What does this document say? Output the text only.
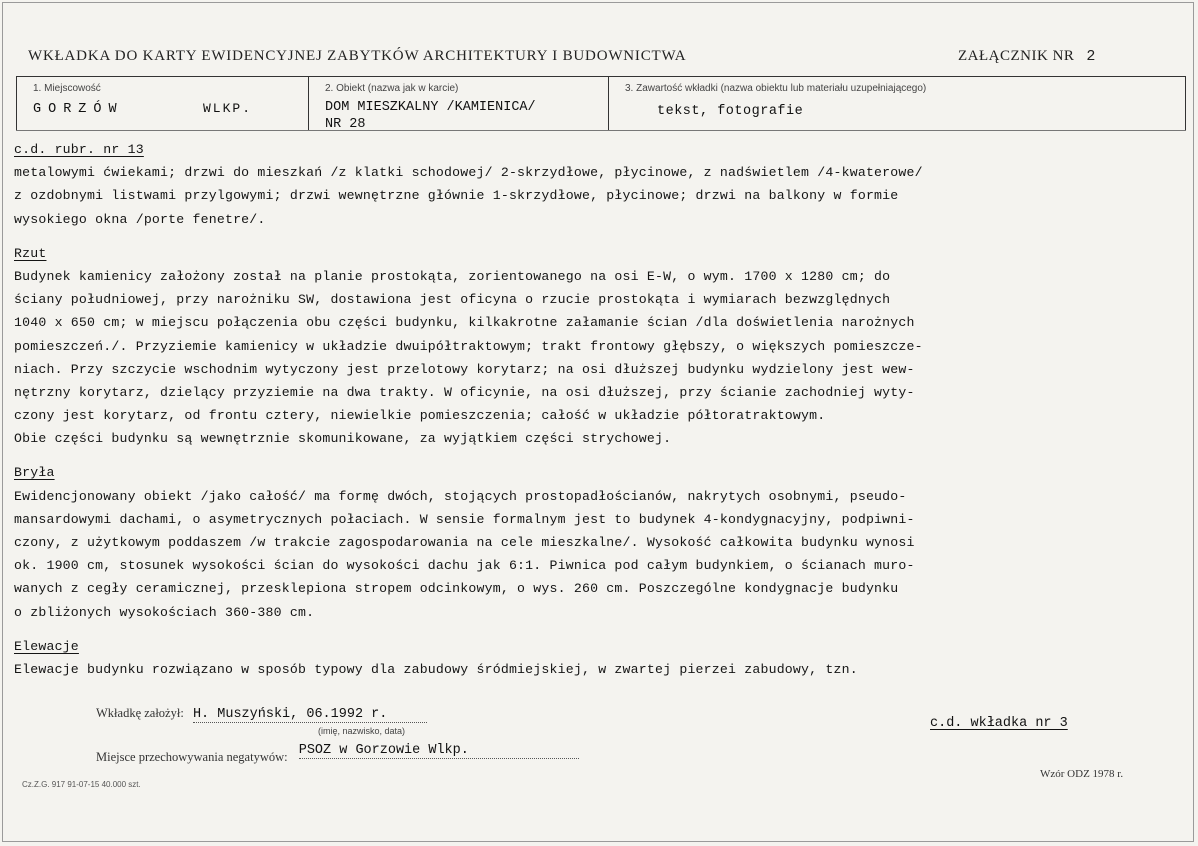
WKŁADKA DO KARTY EWIDENCYJNEJ ZABYTKÓW ARCHITEKTURY I BUDOWNICTWA	ZAŁĄCZNIK NR 2
1. Miejscowość
GORZÓW	WLKP.
2. Obiekt (nazwa jak w karcie)
DOM MIESZKALNY /KAMIENICA/
NR 28
3. Zawartość wkładki (nazwa obiektu lub materiału uzupełniającego)
tekst, fotografie
c.d. rubr. nr 13
metalowymi ćwiekami; drzwi do mieszkań /z klatki schodowej/ 2-skrzydłowe, płycinowe, z nadświetlem /4-kwaterowe/
z ozdobnymi listwami przylgowymi; drzwi wewnętrzne głównie 1-skrzydłowe, płycinowe; drzwi na balkony w formie
wysokiego okna /porte fenetre/.
Rzut
Budynek kamienicy założony został na planie prostokąta, zorientowanego na osi E-W, o wym. 1700 x 1280 cm; do
ściany południowej, przy narożniku SW, dostawiona jest oficyna o rzucie prostokąta i wymiarach bezwzględnych
1040 x 650 cm; w miejscu połączenia obu części budynku, kilkakrotne załamanie ścian /dla doświetlenia narożnych
pomieszczeń./. Przyziemie kamienicy w układzie dwuipółtraktowym; trakt frontowy głębszy, o większych pomieszcze-
niach. Przy szczycie wschodnim wytyczony jest przelotowy korytarz; na osi dłuższej budynku wydzielony jest wew-
nętrzny korytarz, dzielący przyziemie na dwa trakty. W oficynie, na osi dłuższej, przy ścianie zachodniej wyty-
czony jest korytarz, od frontu cztery, niewielkie pomieszczenia; całość w układzie półtoratraktowym.
Obie części budynku są wewnętrznie skomunikowane, za wyjątkiem części strychowej.
Bryła
Ewidencjonowany obiekt /jako całość/ ma formę dwóch, stojących prostopadłościanów, nakrytych osobnymi, pseudo-
mansardowymi dachami, o asymetrycznych połaciach. W sensie formalnym jest to budynek 4-kondygnacyjny, podpiwni-
czony, z użytkowym poddaszem /w trakcie zagospodarowania na cele mieszkalne/. Wysokość całkowita budynku wynosi
ok. 1900 cm, stosunek wysokości ścian do wysokości dachu jak 6:1. Piwnica pod całym budynkiem, o ścianach muro-
wanych z cegły ceramicznej, przesklepiona stropem odcinkowym, o wys. 260 cm. Poszczególne kondygnacje budynku
o zbliżonych wysokościach 360-380 cm.
Elewacje
Elewacje budynku rozwiązano w sposób typowy dla zabudowy śródmiejskiej, w zwartej pierzei zabudowy, tzn.
Wkładkę założył: H. Muszyński, 06.1992 r.
(imię, nazwisko, data)	c.d. wkładka nr 3
Miejsce przechowywania negatywów: PSOZ w Gorzowie Wlkp.
Wzór ODZ 1978 r.
Cz.Z.G. 917 91-07-15 40.000 szt.
